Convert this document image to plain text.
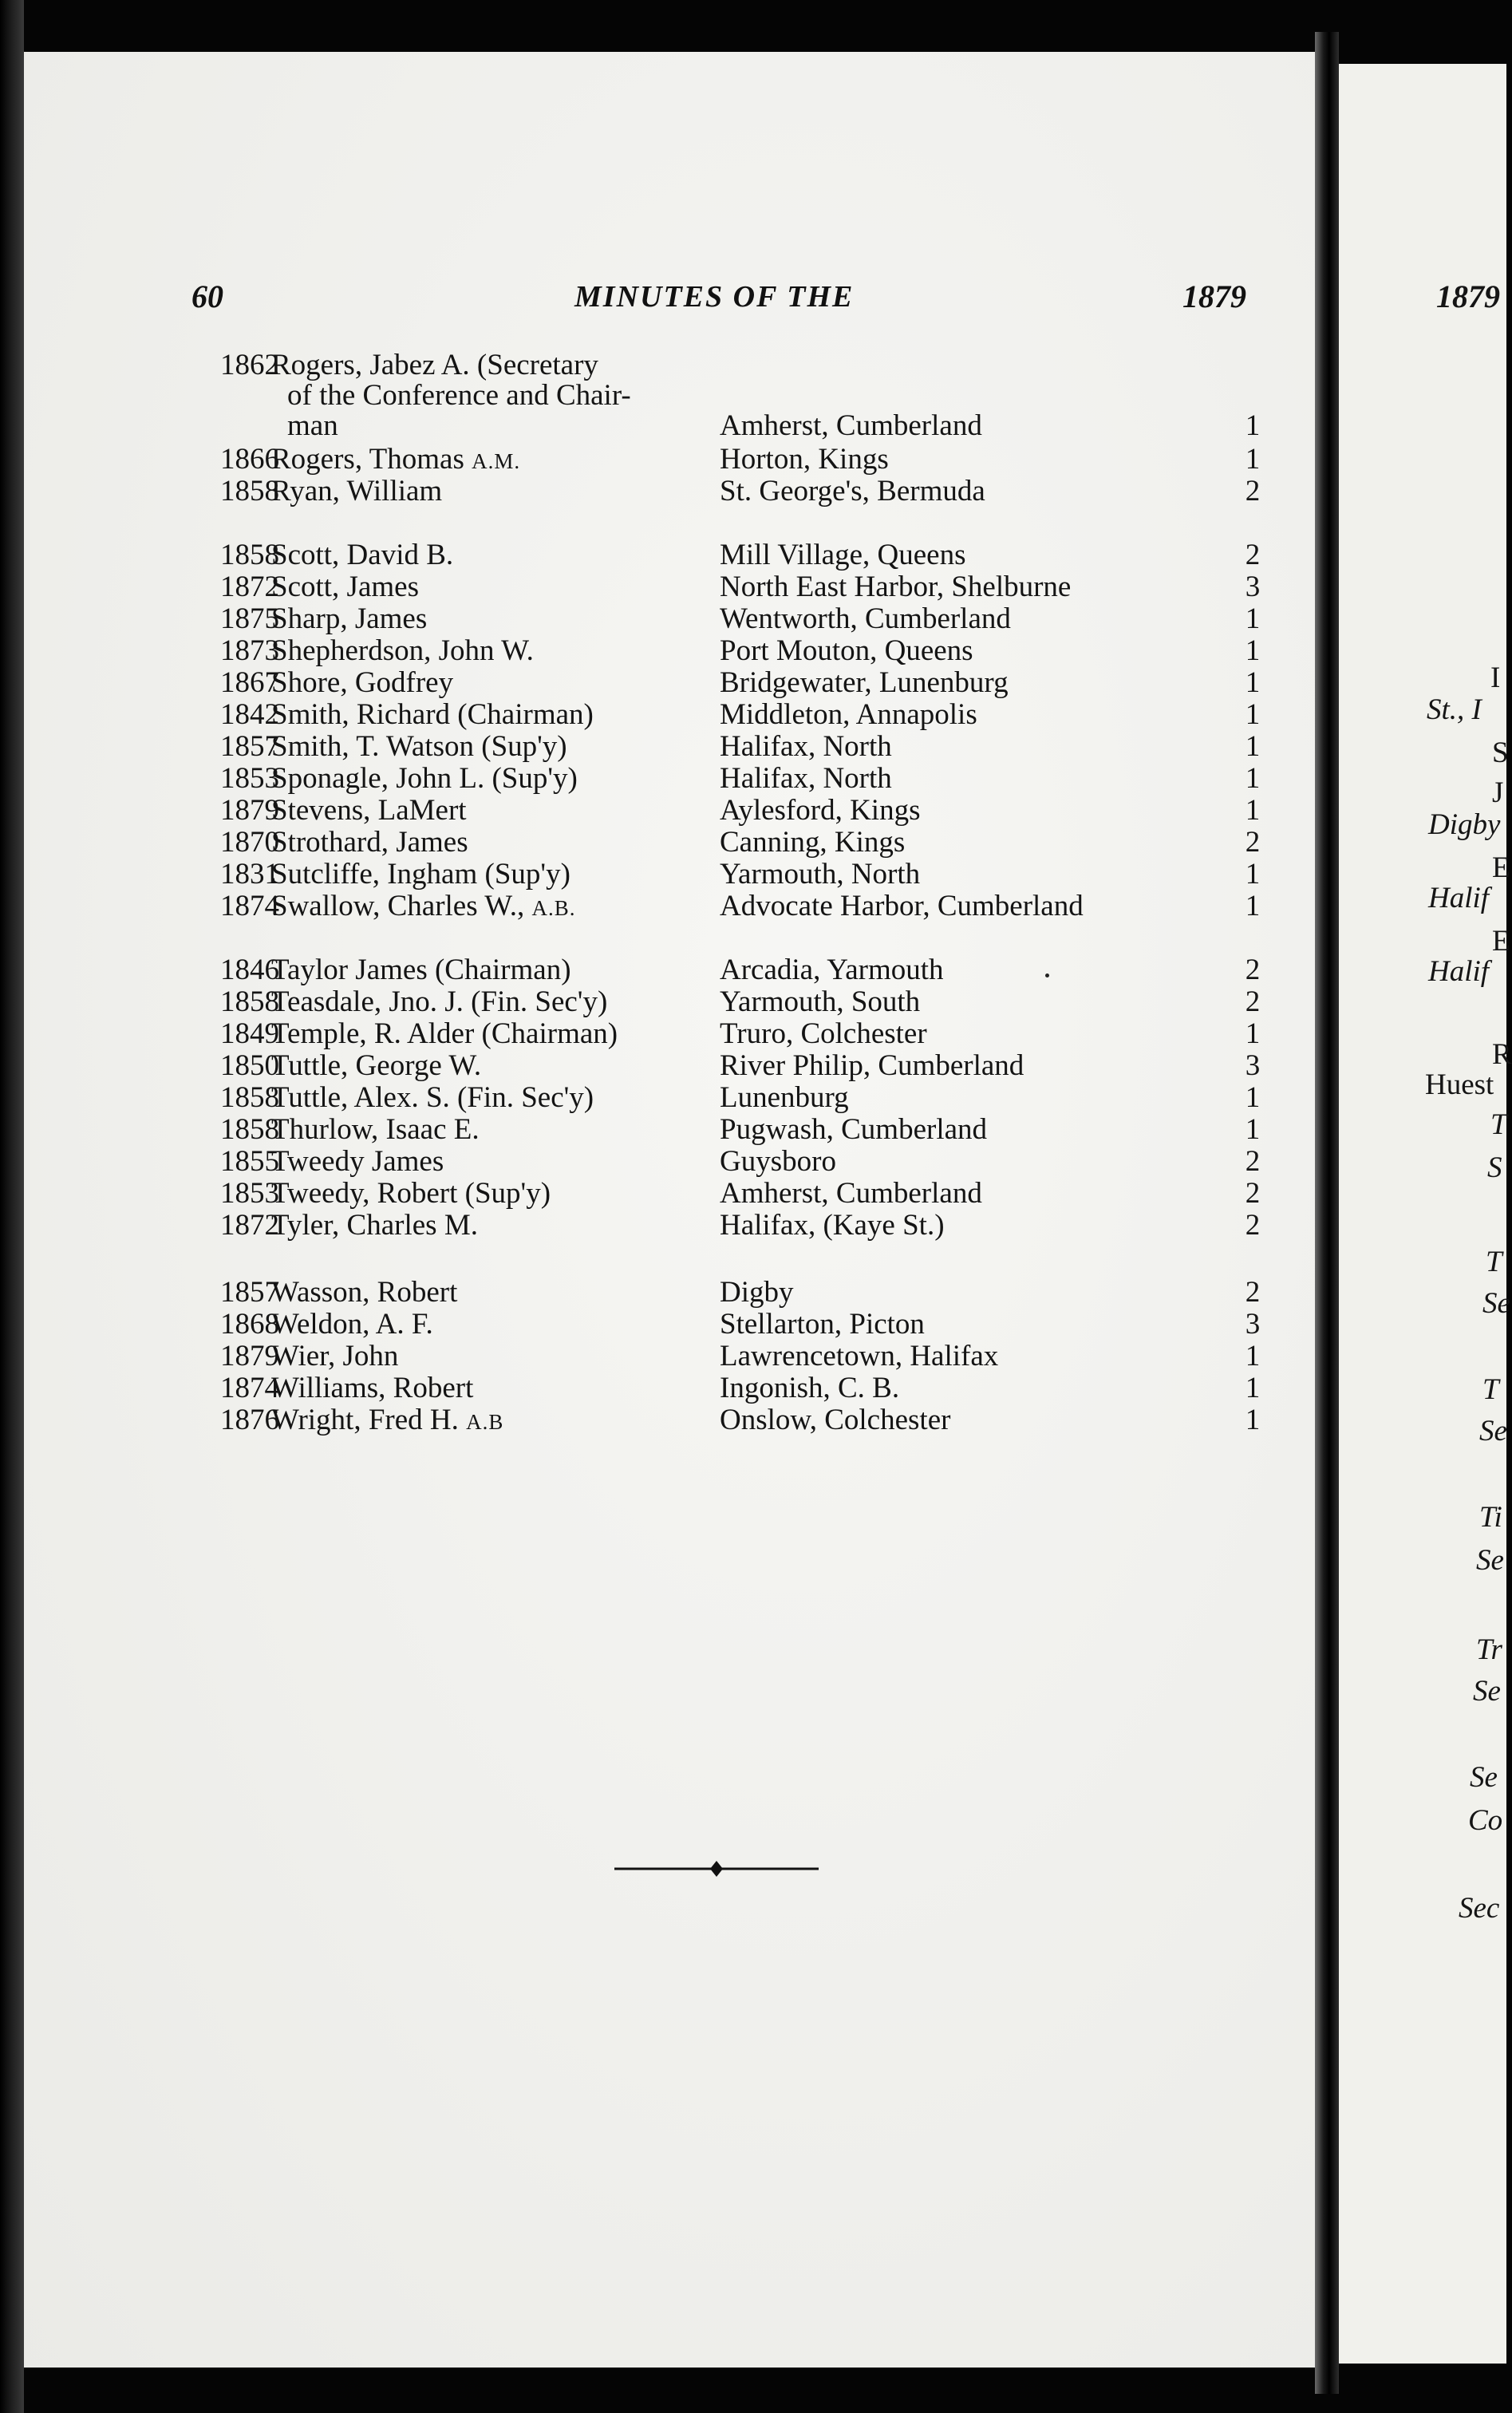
60	MINUTES OF THE	1879
1862
Rogers, Jabez A. (Secretary
of the Conference and Chair-
man	Amherst, Cumberland	1
1866
Rogers, Thomas A.M.	Horton, Kings	1
1858
Ryan, William	St. George's, Bermuda	2
1858
Scott, David B.	Mill Village, Queens	2
1872
Scott, James	North East Harbor, Shelburne	3
1875
Sharp, James	Wentworth, Cumberland	1
1873
Shepherdson, John W.	Port Mouton, Queens	1
1867
Shore, Godfrey	Bridgewater, Lunenburg	1
1842
Smith, Richard (Chairman)	Middleton, Annapolis	1
1857
Smith, T. Watson (Sup'y)	Halifax, North	1
1853
Sponagle, John L. (Sup'y)	Halifax, North	1
1879
Stevens, LaMert	Aylesford, Kings	1
1870
Strothard, James	Canning, Kings	2
1831
Sutcliffe, Ingham (Sup'y)	Yarmouth, North	1
1874
Swallow, Charles W., A.B.	Advocate Harbor, Cumberland	1
1846
Taylor James (Chairman)	Arcadia, Yarmouth	2
1858
Teasdale, Jno. J. (Fin. Sec'y)	Yarmouth, South	2
1849
Temple, R. Alder (Chairman)	Truro, Colchester	1
1850
Tuttle, George W.	River Philip, Cumberland	3
1858
Tuttle, Alex. S. (Fin. Sec'y)	Lunenburg	1
1858
Thurlow, Isaac E.	Pugwash, Cumberland	1
1855
Tweedy James	Guysboro	2
1853
Tweedy, Robert (Sup'y)	Amherst, Cumberland	2
1872
Tyler, Charles M.	Halifax, (Kaye St.)	2
1857
Wasson, Robert	Digby	2
1868
Weldon, A. F.	Stellarton, Picton	3
1879
Wier, John	Lawrencetown, Halifax	1
1874
Williams, Robert	Ingonish, C. B.	1
1876
Wright, Fred H. A.B	Onslow, Colchester	1
1879
I
St., I
S
J
Digby
E
Halif
E
Halif
R
Huest
T
S
T
Se
T
Se
Ti
Se
Tr
Se
Se
Co
Sec
